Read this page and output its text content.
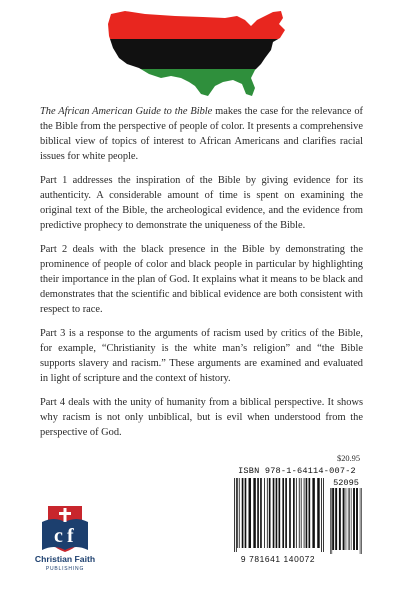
The African American Guide to the Bible makes the case for the relevance of the Bible from the perspective of people of color. It presents a comprehensive biblical view of topics of interest to African Americans and clarifies racial issues for white people.

Part 1 addresses the inspiration of the Bible by giving evidence for its authenticity. A considerable amount of time is spent on examining the original text of the Bible, the archeological evidence, and the evidence from predictive prophecy to demonstrate the uniqueness of the Bible.

Part 2 deals with the black presence in the Bible by demonstrating the prominence of people of color and black people in particular by highlighting their importance in the plan of God. It explains what it means to be black and demonstrates that the scientific and biblical evidence are both consistent with respect to race.

Part 3 is a response to the arguments of racism used by critics of the Bible, for example, “Christianity is the white man’s religion” and “the Bible supports slavery and racism.” These arguments are examined and evaluated in light of scripture and the context of history.

Part 4 deals with the unity of humanity from a biblical perspective. It shows why racism is not only unbiblical, but is evil when understood from the perspective of God.

$20.95
ISBN 978-1-64114-007-2
52095
9 781641 140072
c f
Christian Faith
PUBLISHING
